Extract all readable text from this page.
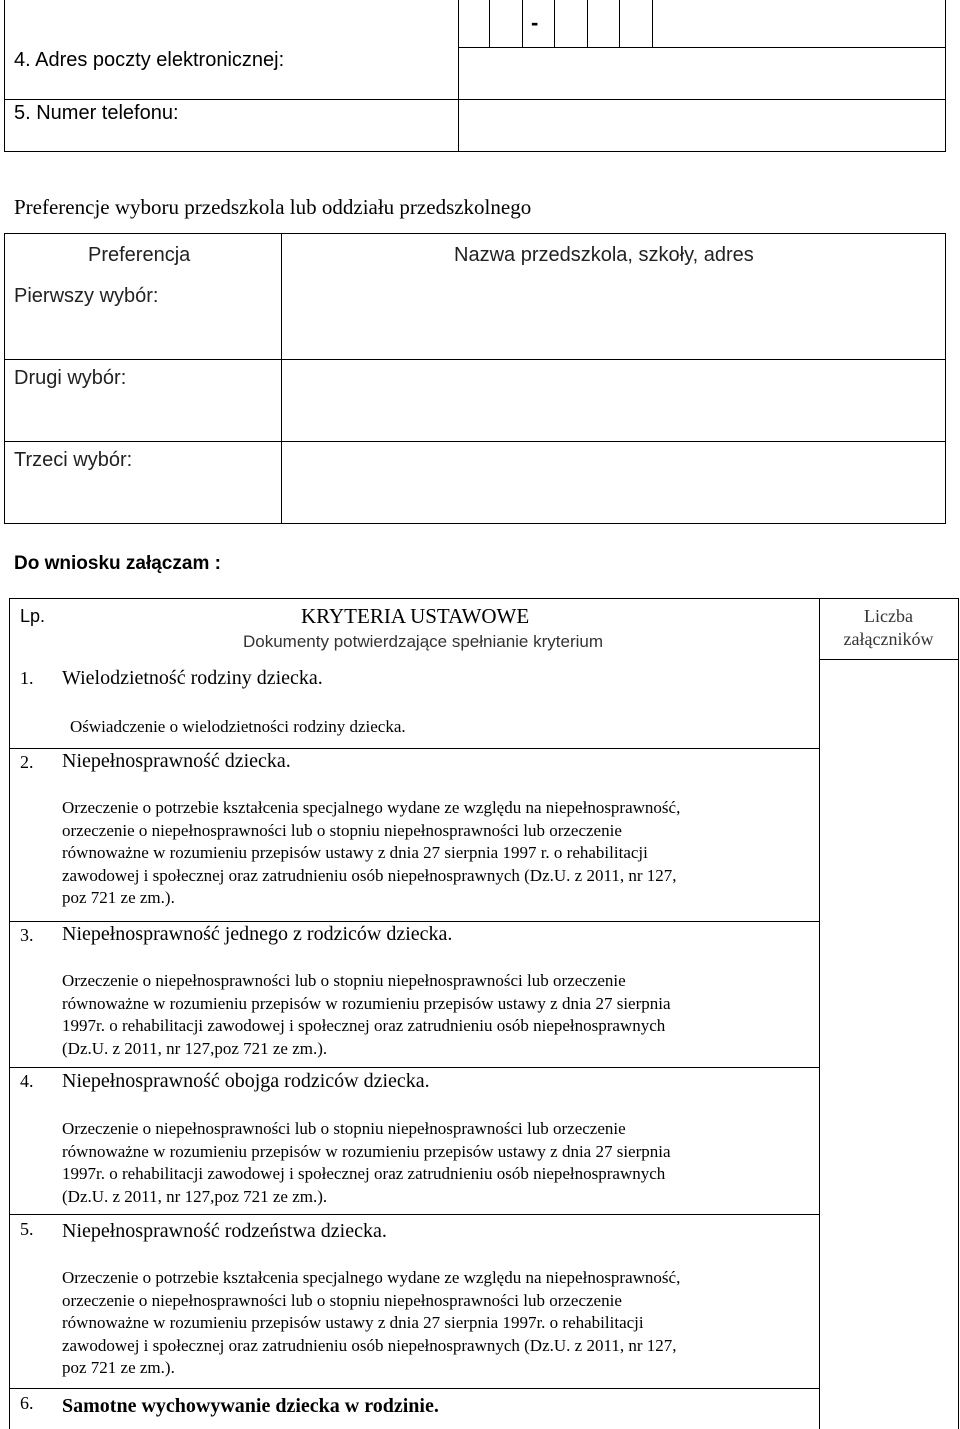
-
4. Adres poczty elektronicznej:
5. Numer telefonu:
Preferencje wyboru przedszkola lub oddziału przedszkolnego
Preferencja	Nazwa przedszkola, szkoły, adres
Pierwszy wybór:
Drugi wybór:
Trzeci wybór:
Do wniosku załączam :
Lp.	KRYTERIA USTAWOWE
Dokumenty potwierdzające spełnianie kryterium
Liczba załączników
1. Wielodzietność rodziny dziecka.
Oświadczenie o wielodzietności rodziny dziecka.
2. Niepełnosprawność dziecka.
Orzeczenie o potrzebie kształcenia specjalnego wydane ze względu na niepełnosprawność,
orzeczenie o niepełnosprawności lub o stopniu niepełnosprawności lub orzeczenie
równoważne w rozumieniu przepisów ustawy z dnia 27 sierpnia 1997 r. o rehabilitacji
zawodowej i społecznej oraz zatrudnieniu osób niepełnosprawnych (Dz.U. z 2011, nr 127,
poz 721 ze zm.).
3. Niepełnosprawność jednego z rodziców dziecka.
Orzeczenie o niepełnosprawności lub o stopniu niepełnosprawności lub orzeczenie
równoważne w rozumieniu przepisów w rozumieniu przepisów ustawy z dnia 27 sierpnia
1997r. o rehabilitacji zawodowej i społecznej oraz zatrudnieniu osób niepełnosprawnych
(Dz.U. z 2011, nr 127,poz 721 ze zm.).
4. Niepełnosprawność obojga rodziców dziecka.
Orzeczenie o niepełnosprawności lub o stopniu niepełnosprawności lub orzeczenie
równoważne w rozumieniu przepisów w rozumieniu przepisów ustawy z dnia 27 sierpnia
1997r. o rehabilitacji zawodowej i społecznej oraz zatrudnieniu osób niepełnosprawnych
(Dz.U. z 2011, nr 127,poz 721 ze zm.).
5. Niepełnosprawność rodzeństwa dziecka.
Orzeczenie o potrzebie kształcenia specjalnego wydane ze względu na niepełnosprawność,
orzeczenie o niepełnosprawności lub o stopniu niepełnosprawności lub orzeczenie
równoważne w rozumieniu przepisów ustawy z dnia 27 sierpnia 1997r. o rehabilitacji
zawodowej i społecznej oraz zatrudnieniu osób niepełnosprawnych (Dz.U. z 2011, nr 127,
poz 721 ze zm.).
6. Samotne wychowywanie dziecka w rodzinie.
